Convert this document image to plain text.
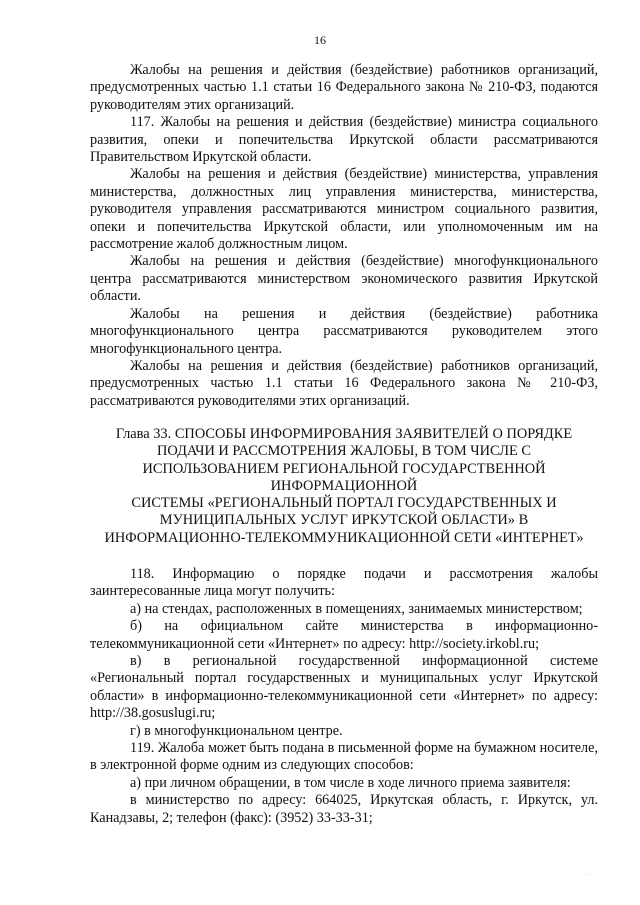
16

Жалобы на решения и действия (бездействие) работников организаций, предусмотренных частью 1.1 статьи 16 Федерального закона № 210-ФЗ, подаются руководителям этих организаций.

117. Жалобы на решения и действия (бездействие) министра социального развития, опеки и попечительства Иркутской области рассматриваются Правительством Иркутской области.

Жалобы на решения и действия (бездействие) министерства, управления министерства, должностных лиц управления министерства, министерства, руководителя управления рассматриваются министром социального развития, опеки и попечительства Иркутской области, или уполномоченным им на рассмотрение жалоб должностным лицом.

Жалобы на решения и действия (бездействие) многофункционального центра рассматриваются министерством экономического развития Иркутской области.

Жалобы на решения и действия (бездействие) работника многофункционального центра рассматриваются руководителем этого многофункционального центра.

Жалобы на решения и действия (бездействие) работников организаций, предусмотренных частью 1.1 статьи 16 Федерального закона № 210-ФЗ, рассматриваются руководителями этих организаций.

Глава 33. СПОСОБЫ ИНФОРМИРОВАНИЯ ЗАЯВИТЕЛЕЙ О ПОРЯДКЕ
ПОДАЧИ И РАССМОТРЕНИЯ ЖАЛОБЫ, В ТОМ ЧИСЛЕ С
ИСПОЛЬЗОВАНИЕМ РЕГИОНАЛЬНОЙ ГОСУДАРСТВЕННОЙ
ИНФОРМАЦИОННОЙ
СИСТЕМЫ «РЕГИОНАЛЬНЫЙ ПОРТАЛ ГОСУДАРСТВЕННЫХ И
МУНИЦИПАЛЬНЫХ УСЛУГ ИРКУТСКОЙ ОБЛАСТИ» В
ИНФОРМАЦИОННО-ТЕЛЕКОММУНИКАЦИОННОЙ СЕТИ «ИНТЕРНЕТ»

118. Информацию о порядке подачи и рассмотрения жалобы заинтересованные лица могут получить:

а) на стендах, расположенных в помещениях, занимаемых министерством;

б) на официальном сайте министерства в информационно-телекоммуникационной сети «Интернет» по адресу: http://society.irkobl.ru;

в) в региональной государственной информационной системе «Региональный портал государственных и муниципальных услуг Иркутской области» в информационно-телекоммуникационной сети «Интернет» по адресу: http://38.gosuslugi.ru;

г) в многофункциональном центре.

119. Жалоба может быть подана в письменной форме на бумажном носителе, в электронной форме одним из следующих способов:

а) при личном обращении, в том числе в ходе личного приема заявителя:

в министерство по адресу: 664025, Иркутская область, г. Иркутск, ул. Канадзавы, 2; телефон (факс): (3952) 33-33-31;

· · · ·
